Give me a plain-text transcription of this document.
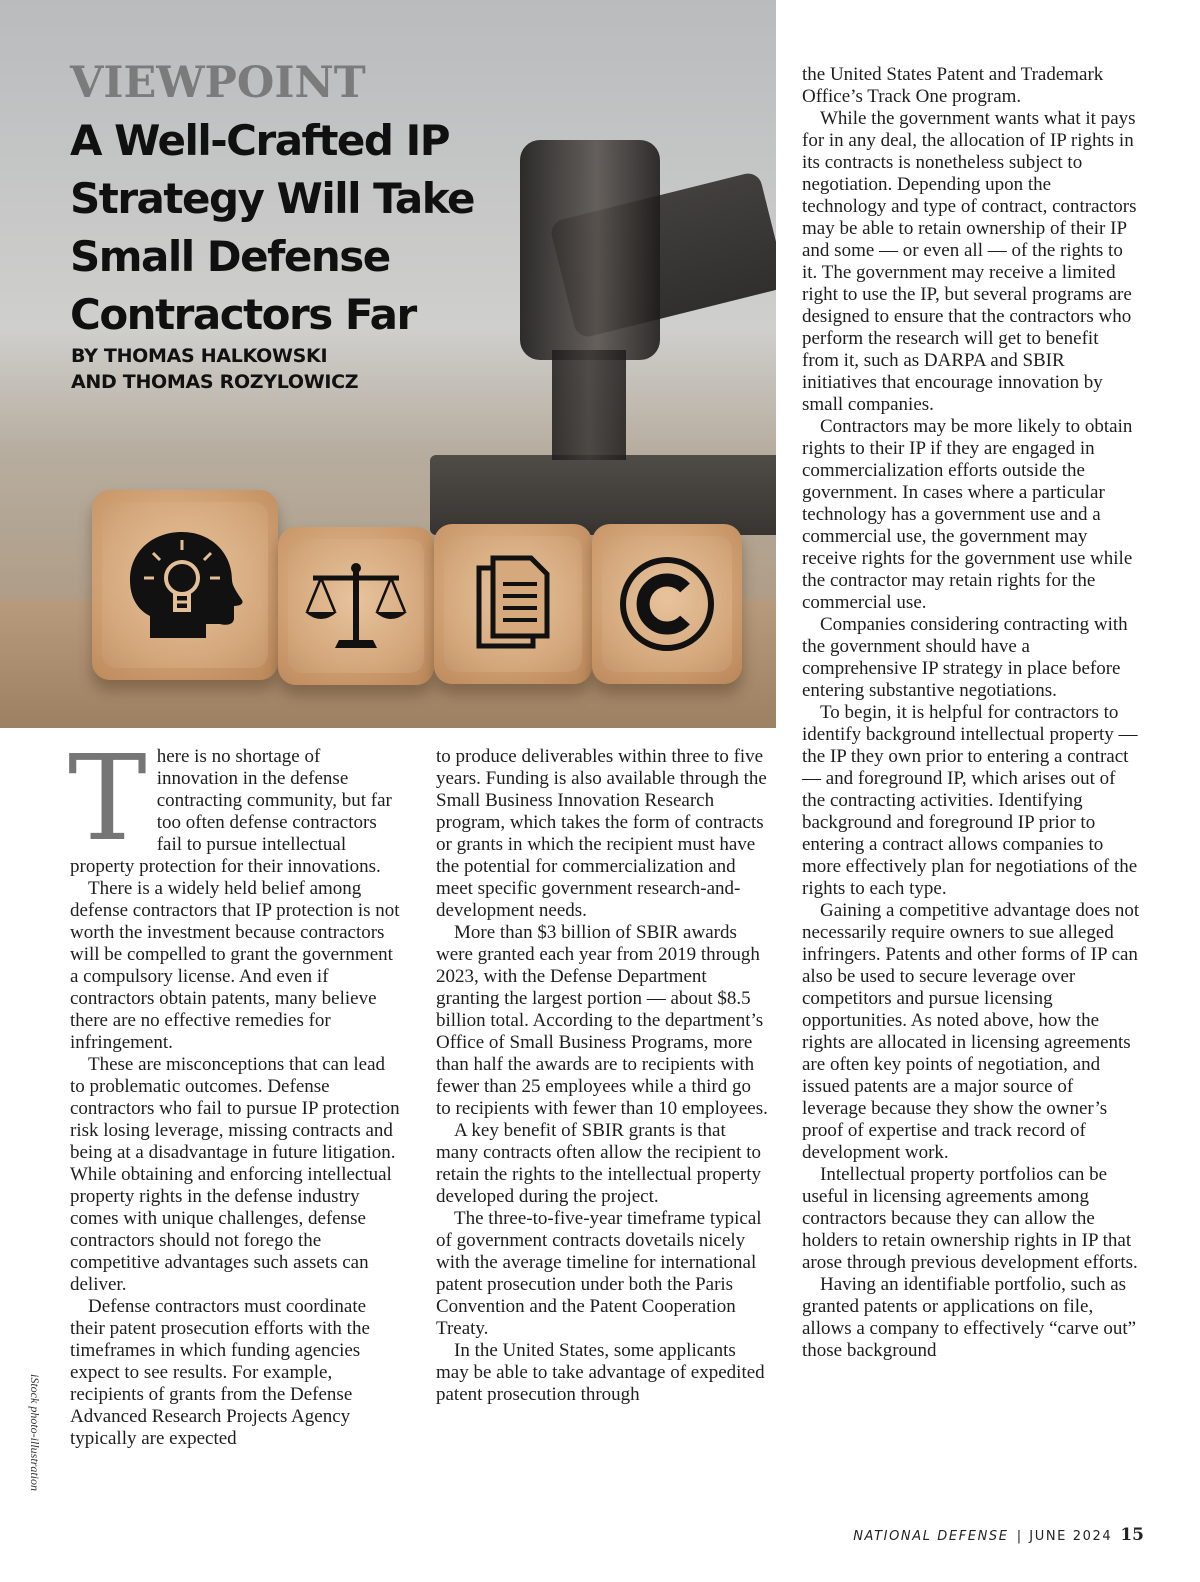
VIEWPOINT
A Well-Crafted IP Strategy Will Take Small Defense Contractors Far
BY THOMAS HALKOWSKI
AND THOMAS ROZYLOWICZ
iStock photo-illustration

There is no shortage of innovation in the defense contracting community, but far too often defense contractors fail to pursue intellectual property protection for their innovations.

There is a widely held belief among defense contractors that IP protection is not worth the investment because contractors will be compelled to grant the government a compulsory license. And even if contractors obtain patents, many believe there are no effective remedies for infringement.

These are misconceptions that can lead to problematic outcomes. Defense contractors who fail to pursue IP protection risk losing leverage, missing contracts and being at a disadvantage in future litigation. While obtaining and enforcing intellectual property rights in the defense industry comes with unique challenges, defense contractors should not forego the competitive advantages such assets can deliver.

Defense contractors must coordinate their patent prosecution efforts with the timeframes in which funding agencies expect to see results. For example, recipients of grants from the Defense Advanced Research Projects Agency typically are expected

to produce deliverables within three to five years. Funding is also available through the Small Business Innovation Research program, which takes the form of contracts or grants in which the recipient must have the potential for commercialization and meet specific government research-and-development needs.

More than $3 billion of SBIR awards were granted each year from 2019 through 2023, with the Defense Department granting the largest portion — about $8.5 billion total. According to the department’s Office of Small Business Programs, more than half the awards are to recipients with fewer than 25 employees while a third go to recipients with fewer than 10 employees.

A key benefit of SBIR grants is that many contracts often allow the recipient to retain the rights to the intellectual property developed during the project.

The three-to-five-year timeframe typical of government contracts dovetails nicely with the average timeline for international patent prosecution under both the Paris Convention and the Patent Cooperation Treaty.

In the United States, some applicants may be able to take advantage of expedited patent prosecution through

the United States Patent and Trademark Office’s Track One program.

While the government wants what it pays for in any deal, the allocation of IP rights in its contracts is nonetheless subject to negotiation. Depending upon the technology and type of contract, contractors may be able to retain ownership of their IP and some — or even all — of the rights to it. The government may receive a limited right to use the IP, but several programs are designed to ensure that the contractors who perform the research will get to benefit from it, such as DARPA and SBIR initiatives that encourage innovation by small companies.

Contractors may be more likely to obtain rights to their IP if they are engaged in commercialization efforts outside the government. In cases where a particular technology has a government use and a commercial use, the government may receive rights for the government use while the contractor may retain rights for the commercial use.

Companies considering contracting with the government should have a comprehensive IP strategy in place before entering substantive negotiations.

To begin, it is helpful for contractors to identify background intellectual property — the IP they own prior to entering a contract — and foreground IP, which arises out of the contracting activities. Identifying background and foreground IP prior to entering a contract allows companies to more effectively plan for negotiations of the rights to each type.

Gaining a competitive advantage does not necessarily require owners to sue alleged infringers. Patents and other forms of IP can also be used to secure leverage over competitors and pursue licensing opportunities. As noted above, how the rights are allocated in licensing agreements are often key points of negotiation, and issued patents are a major source of leverage because they show the owner’s proof of expertise and track record of development work.

Intellectual property portfolios can be useful in licensing agreements among contractors because they can allow the holders to retain ownership rights in IP that arose through previous development efforts.

Having an identifiable portfolio, such as granted patents or applications on file, allows a company to effectively “carve out” those background

NATIONAL DEFENSE | JUNE 2024 15
